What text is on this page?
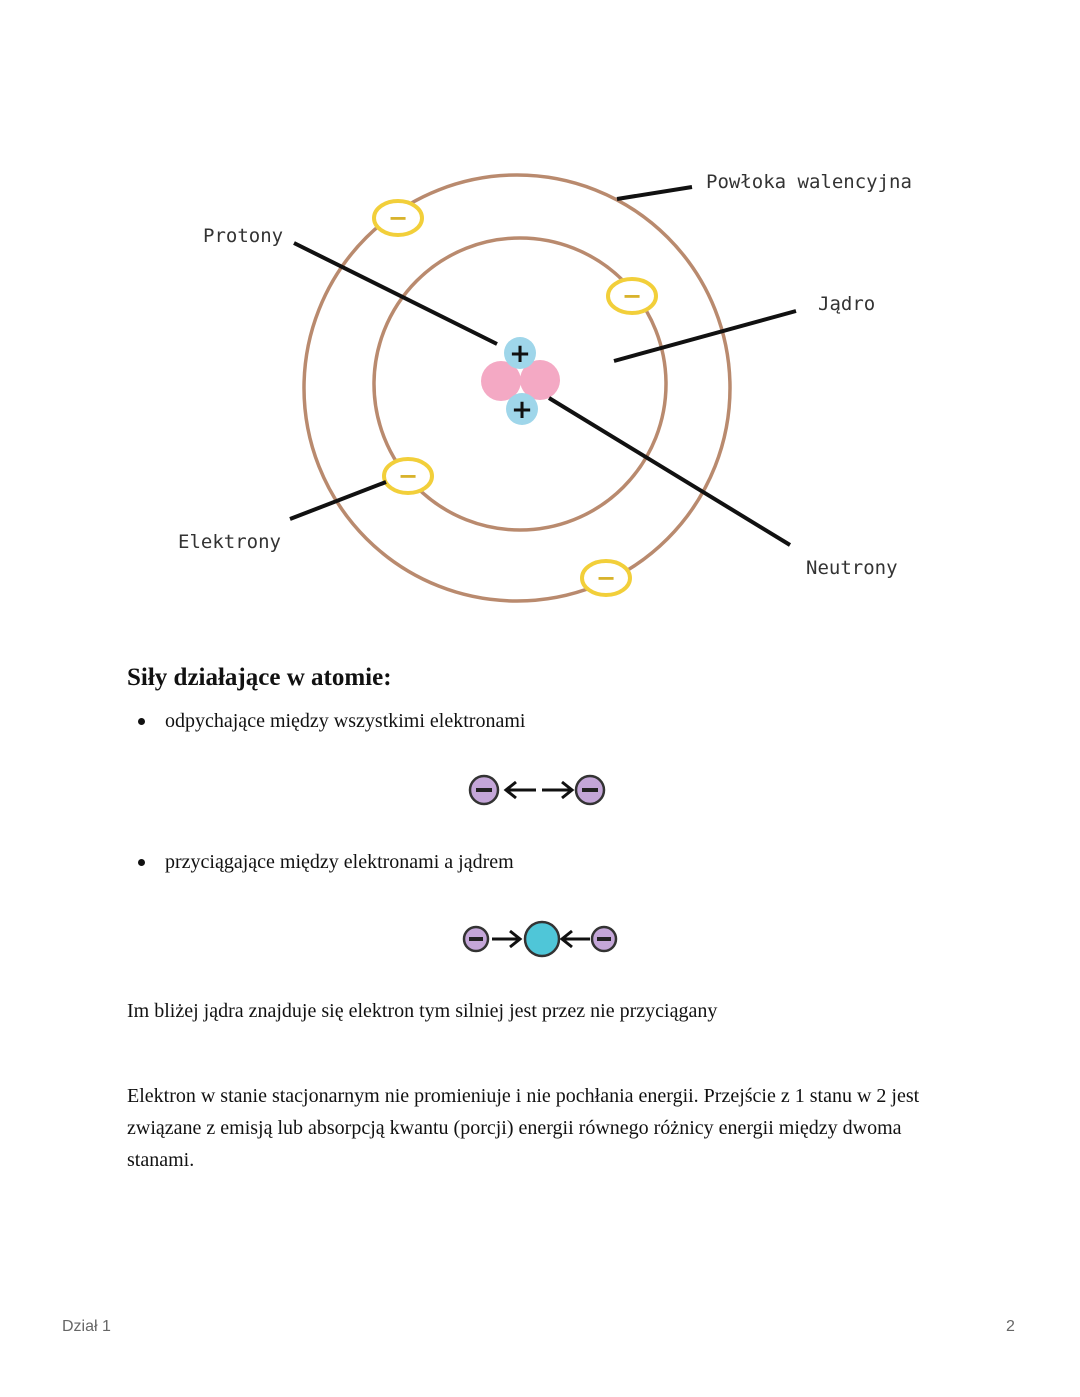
+
+
−
−
−
−
Powłoka walencyjna
Protony
Jądro
Elektrony
Neutrony
Siły działające w atomie:
odpychające między wszystkimi elektronami
przyciągające między elektronami a jądrem

Im bliżej jądra znajduje się elektron tym silniej jest przez nie przyciągany

Elektron w stanie stacjonarnym nie promieniuje i nie pochłania energii. Przejście z 1 stanu w 2 jest związane z emisją lub absorpcją kwantu (porcji) energii równego różnicy energii między dwoma stanami.

Dział 1	2
